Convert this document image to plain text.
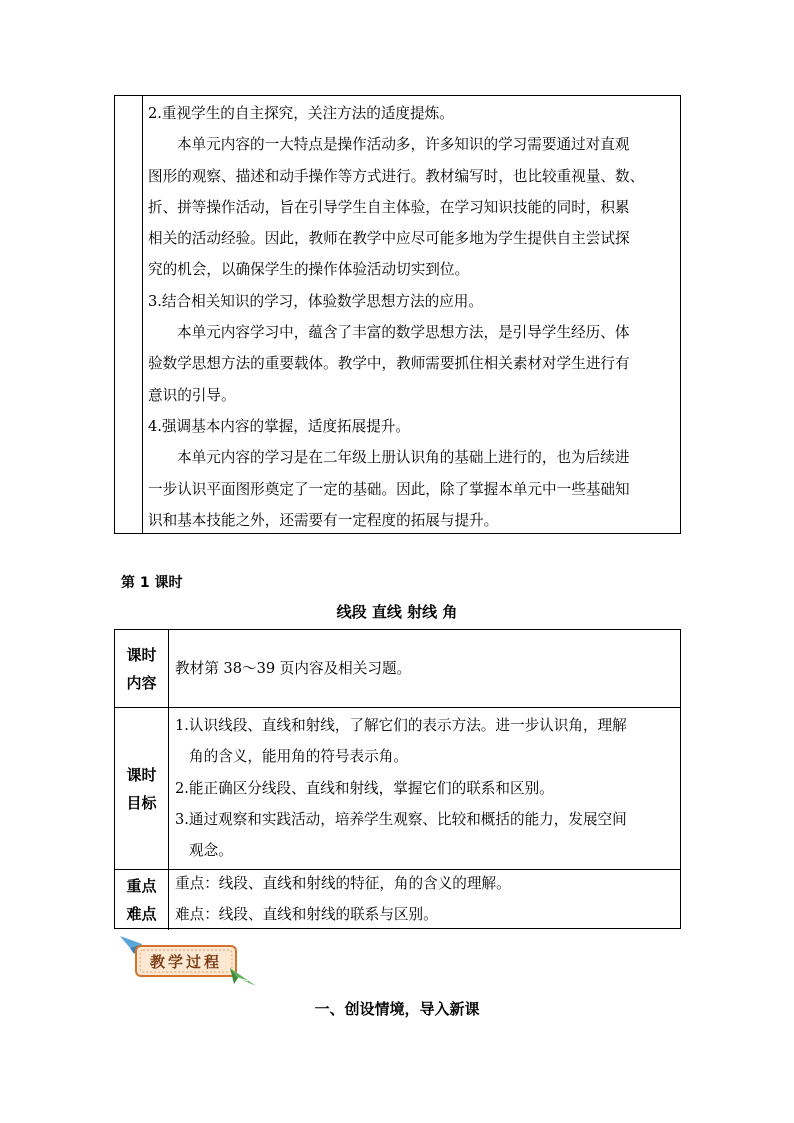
2.重视学生的自主探究，关注方法的适度提炼。
本单元内容的一大特点是操作活动多，许多知识的学习需要通过对直观
图形的观察、描述和动手操作等方式进行。教材编写时，也比较重视量、数、
折、拼等操作活动，旨在引导学生自主体验，在学习知识技能的同时，积累
相关的活动经验。因此，教师在教学中应尽可能多地为学生提供自主尝试探
究的机会，以确保学生的操作体验活动切实到位。
3.结合相关知识的学习，体验数学思想方法的应用。
本单元内容学习中，蕴含了丰富的数学思想方法，是引导学生经历、体
验数学思想方法的重要载体。教学中，教师需要抓住相关素材对学生进行有
意识的引导。
4.强调基本内容的掌握，适度拓展提升。
本单元内容的学习是在二年级上册认识角的基础上进行的，也为后续进
一步认识平面图形奠定了一定的基础。因此，除了掌握本单元中一些基础知
识和基本技能之外，还需要有一定程度的拓展与提升。
第 1 课时
线段 直线 射线 角
课时
内容
教材第 38～39 页内容及相关习题。
课时
目标
1.认识线段、直线和射线，了解它们的表示方法。进一步认识角，理解
角的含义，能用角的符号表示角。
2.能正确区分线段、直线和射线，掌握它们的联系和区别。
3.通过观察和实践活动，培养学生观察、比较和概括的能力，发展空间
观念。
重点
难点
重点：线段、直线和射线的特征，角的含义的理解。
难点：线段、直线和射线的联系与区别。
教学过程
一、创设情境，导入新课
